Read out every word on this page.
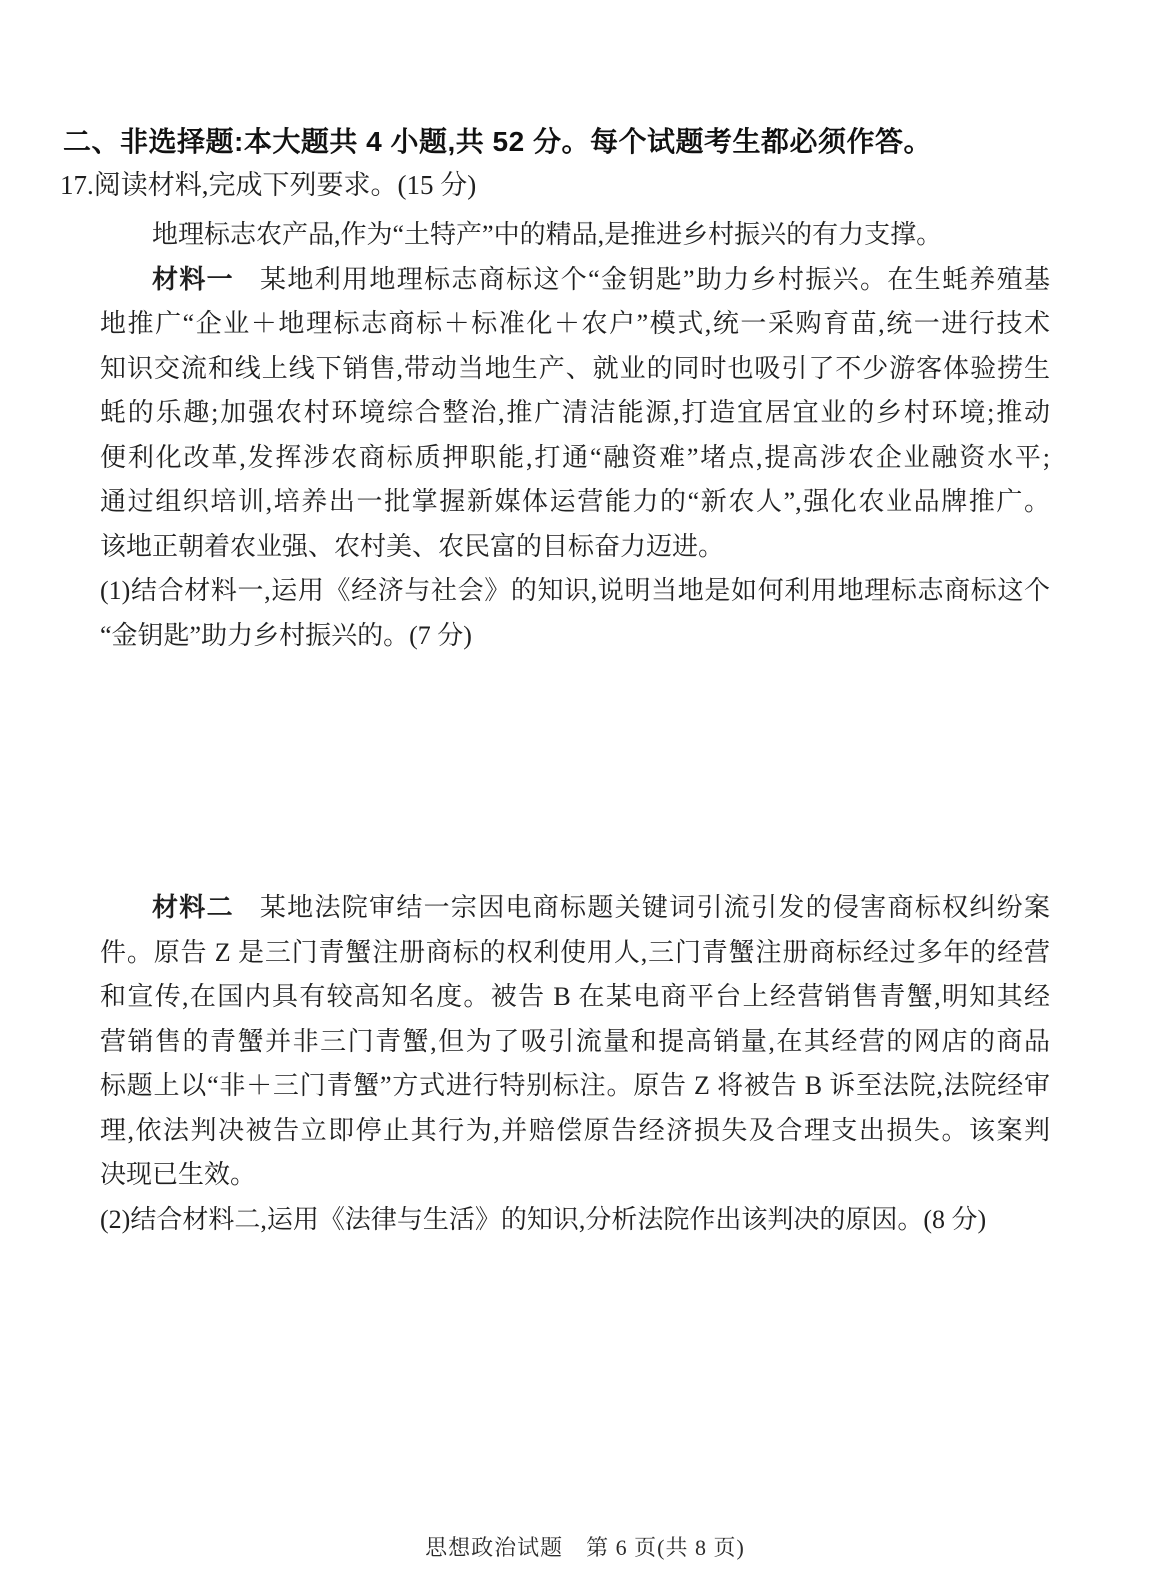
二、非选择题:本大题共 4 小题,共 52 分。每个试题考生都必须作答。
17.阅读材料,完成下列要求。(15 分)
地理标志农产品,作为“土特产”中的精品,是推进乡村振兴的有力支撑。
材料一 某地利用地理标志商标这个“金钥匙”助力乡村振兴。在生蚝养殖基
地推广“企业＋地理标志商标＋标准化＋农户”模式,统一采购育苗,统一进行技术
知识交流和线上线下销售,带动当地生产、就业的同时也吸引了不少游客体验捞生
蚝的乐趣;加强农村环境综合整治,推广清洁能源,打造宜居宜业的乡村环境;推动
便利化改革,发挥涉农商标质押职能,打通“融资难”堵点,提高涉农企业融资水平;
通过组织培训,培养出一批掌握新媒体运营能力的“新农人”,强化农业品牌推广。
该地正朝着农业强、农村美、农民富的目标奋力迈进。
(1)结合材料一,运用《经济与社会》的知识,说明当地是如何利用地理标志商标这个
“金钥匙”助力乡村振兴的。(7 分)
材料二 某地法院审结一宗因电商标题关键词引流引发的侵害商标权纠纷案
件。原告 Z 是三门青蟹注册商标的权利使用人,三门青蟹注册商标经过多年的经营
和宣传,在国内具有较高知名度。被告 B 在某电商平台上经营销售青蟹,明知其经
营销售的青蟹并非三门青蟹,但为了吸引流量和提高销量,在其经营的网店的商品
标题上以“非＋三门青蟹”方式进行特别标注。原告 Z 将被告 B 诉至法院,法院经审
理,依法判决被告立即停止其行为,并赔偿原告经济损失及合理支出损失。该案判
决现已生效。
(2)结合材料二,运用《法律与生活》的知识,分析法院作出该判决的原因。(8 分)
思想政治试题　第 6 页(共 8 页)
